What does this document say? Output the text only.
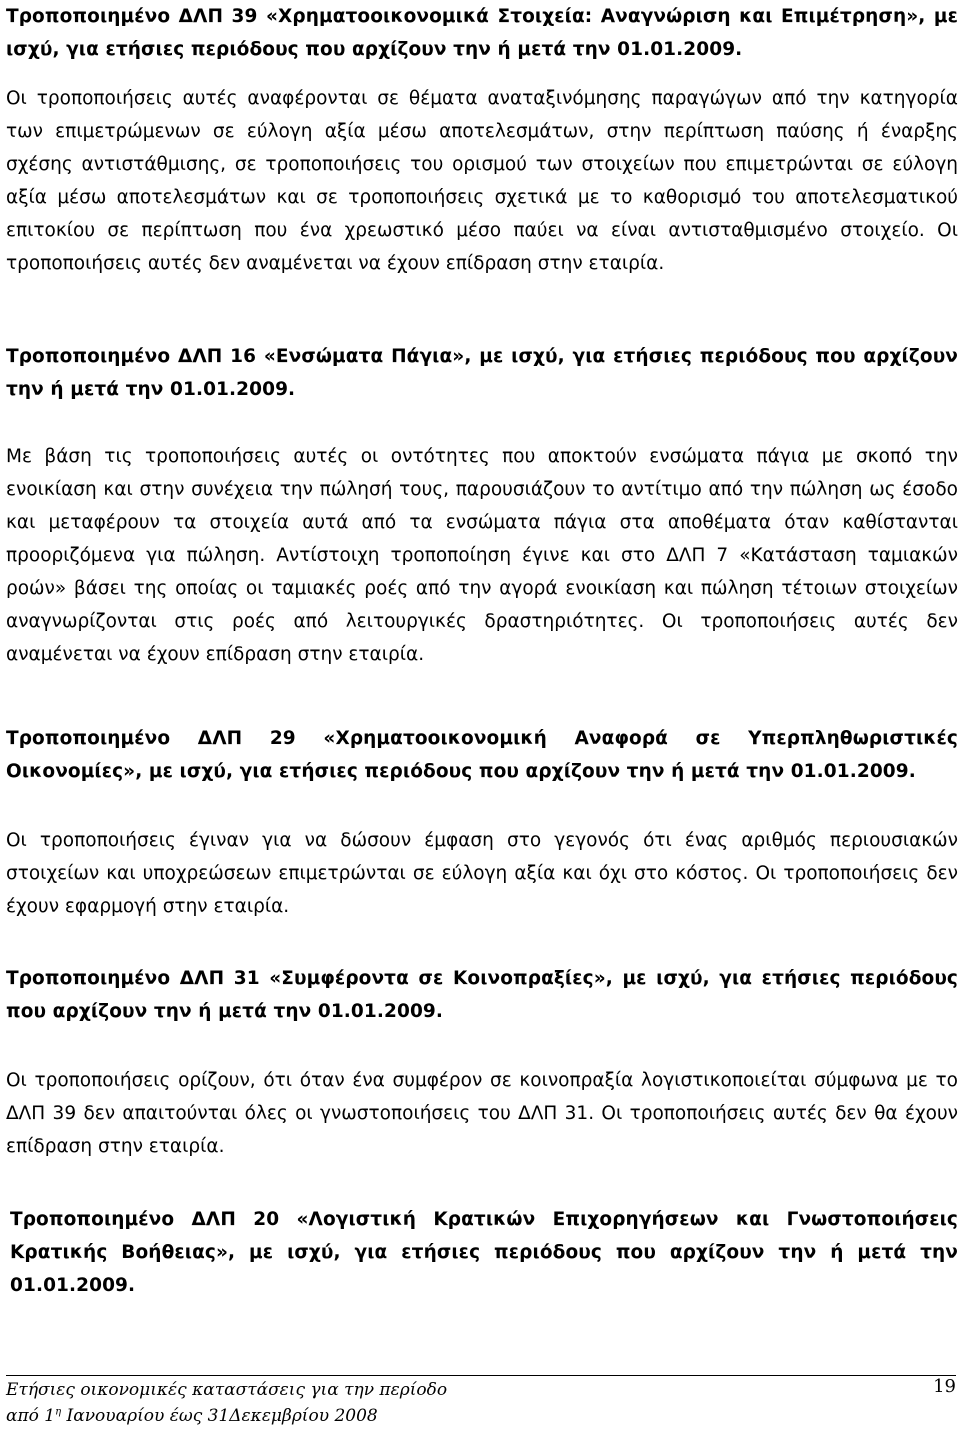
Τροποποιημένο ΔΛΠ 39 «Χρηματοοικονομικά Στοιχεία: Αναγνώριση και Επιμέτρηση», με ισχύ, για ετήσιες περιόδους που αρχίζουν την ή μετά την 01.01.2009.

Οι τροποποιήσεις αυτές αναφέρονται σε θέματα αναταξινόμησης παραγώγων από την κατηγορία των επιμετρώμενων σε εύλογη αξία μέσω αποτελεσμάτων, στην περίπτωση παύσης ή έναρξης σχέσης αντιστάθμισης, σε τροποποιήσεις του ορισμού των στοιχείων που επιμετρώνται σε εύλογη αξία μέσω αποτελεσμάτων και σε τροποποιήσεις σχετικά με το καθορισμό του αποτελεσματικού επιτοκίου σε περίπτωση που ένα χρεωστικό μέσο παύει να είναι αντισταθμισμένο στοιχείο. Οι τροποποιήσεις αυτές δεν αναμένεται να έχουν επίδραση στην εταιρία.

Τροποποιημένο ΔΛΠ 16 «Ενσώματα Πάγια», με ισχύ, για ετήσιες περιόδους που αρχίζουν την ή μετά την 01.01.2009.

Με βάση τις τροποποιήσεις αυτές οι οντότητες που αποκτούν ενσώματα πάγια με σκοπό την ενοικίαση και στην συνέχεια την πώλησή τους, παρουσιάζουν το αντίτιμο από την πώληση ως έσοδο και μεταφέρουν τα στοιχεία αυτά από τα ενσώματα πάγια στα αποθέματα όταν καθίστανται προοριζόμενα για πώληση. Αντίστοιχη τροποποίηση έγινε και στο ΔΛΠ 7 «Κατάσταση ταμιακών ροών» βάσει της οποίας οι ταμιακές ροές από την αγορά ενοικίαση και πώληση τέτοιων στοιχείων αναγνωρίζονται στις ροές από λειτουργικές δραστηριότητες. Οι τροποποιήσεις αυτές δεν αναμένεται να έχουν επίδραση στην εταιρία.

Τροποποιημένο ΔΛΠ 29 «Χρηματοοικονομική Αναφορά σε Υπερπληθωριστικές Οικονομίες», με ισχύ, για ετήσιες περιόδους που αρχίζουν την ή μετά την 01.01.2009.

Οι τροποποιήσεις έγιναν για να δώσουν έμφαση στο γεγονός ότι ένας αριθμός περιουσιακών στοιχείων και υποχρεώσεων επιμετρώνται σε εύλογη αξία και όχι στο κόστος. Οι τροποποιήσεις δεν έχουν εφαρμογή στην εταιρία.

Τροποποιημένο ΔΛΠ 31 «Συμφέροντα σε Κοινοπραξίες», με ισχύ, για ετήσιες περιόδους που αρχίζουν την ή μετά την 01.01.2009.

Οι τροποποιήσεις ορίζουν, ότι όταν ένα συμφέρον σε κοινοπραξία λογιστικοποιείται σύμφωνα με το ΔΛΠ 39 δεν απαιτούνται όλες οι γνωστοποιήσεις του ΔΛΠ 31. Οι τροποποιήσεις αυτές δεν θα έχουν επίδραση στην εταιρία.

Τροποποιημένο ΔΛΠ 20 «Λογιστική Κρατικών Επιχορηγήσεων και Γνωστοποιήσεις Κρατικής Βοήθειας», με ισχύ, για ετήσιες περιόδους που αρχίζουν την ή μετά την 01.01.2009.

Ετήσιες οικονομικές καταστάσεις για την περίοδο
από $1^\eta$ Ιανουαρίου έως 31Δεκεμβρίου 2008
19
